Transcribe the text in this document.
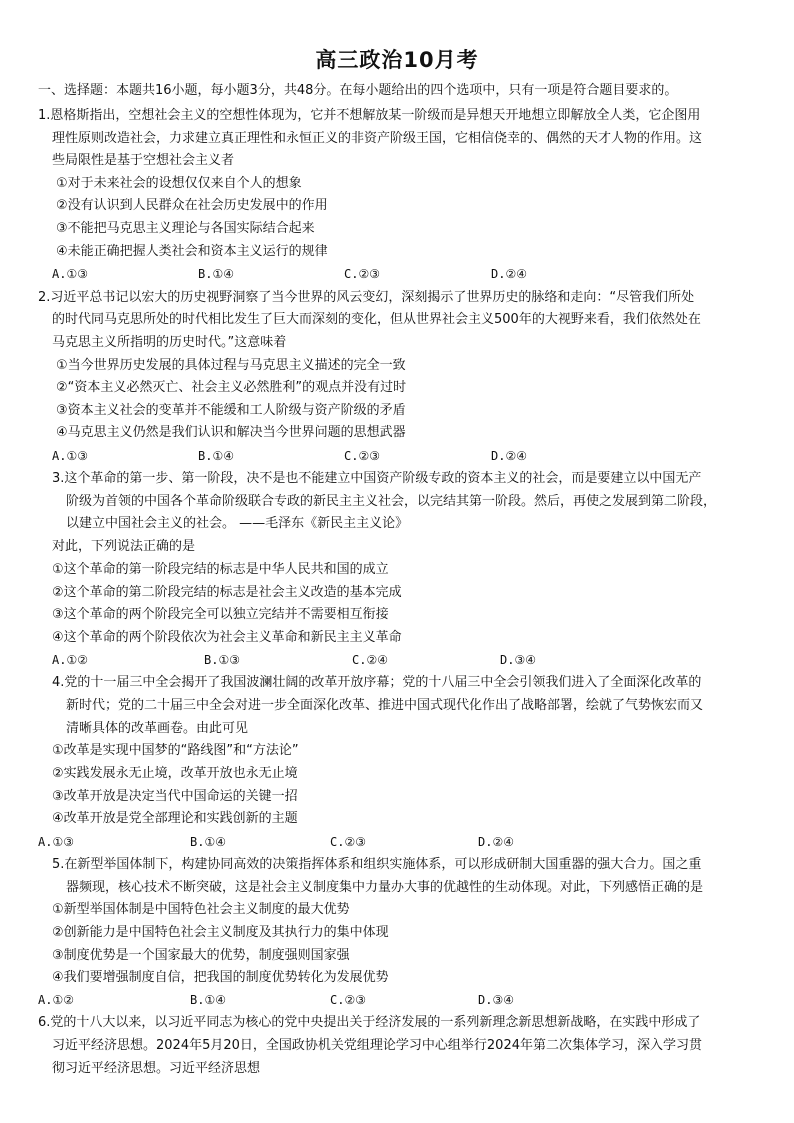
高三政治10月考
一、选择题：本题共16小题，每小题3分，共48分。在每小题给出的四个选项中，只有一项是符合题目要求的。
1.恩格斯指出，空想社会主义的空想性体现为，它并不想解放某一阶级而是异想天开地想立即解放全人类，它企图用
理性原则改造社会，力求建立真正理性和永恒正义的非资产阶级王国，它相信侥幸的、偶然的天才人物的作用。这
些局限性是基于空想社会主义者
①对于未来社会的设想仅仅来自个人的想象
②没有认识到人民群众在社会历史发展中的作用
③不能把马克思主义理论与各国实际结合起来
④未能正确把握人类社会和资本主义运行的规律
A.①③	B.①④	C.②③	D.②④
2.习近平总书记以宏大的历史视野洞察了当今世界的风云变幻，深刻揭示了世界历史的脉络和走向：“尽管我们所处
的时代同马克思所处的时代相比发生了巨大而深刻的变化，但从世界社会主义500年的大视野来看，我们依然处在
马克思主义所指明的历史时代。”这意味着
①当今世界历史发展的具体过程与马克思主义描述的完全一致
②“资本主义必然灭亡、社会主义必然胜利”的观点并没有过时
③资本主义社会的变革并不能缓和工人阶级与资产阶级的矛盾
④马克思主义仍然是我们认识和解决当今世界问题的思想武器
A.①③	B.①④	C.②③	D.②④
3.这个革命的第一步、第一阶段，决不是也不能建立中国资产阶级专政的资本主义的社会，而是要建立以中国无产
阶级为首领的中国各个革命阶级联合专政的新民主主义社会，以完结其第一阶段。然后，再使之发展到第二阶段，
以建立中国社会主义的社会。 ——毛泽东《新民主主义论》
对此，下列说法正确的是
①这个革命的第一阶段完结的标志是中华人民共和国的成立
②这个革命的第二阶段完结的标志是社会主义改造的基本完成
③这个革命的两个阶段完全可以独立完结并不需要相互衔接
④这个革命的两个阶段依次为社会主义革命和新民主主义革命
A.①②	B.①③	C.②④	D.③④
4.党的十一届三中全会揭开了我国波澜壮阔的改革开放序幕；党的十八届三中全会引领我们进入了全面深化改革的
新时代；党的二十届三中全会对进一步全面深化改革、推进中国式现代化作出了战略部署，绘就了气势恢宏而又
清晰具体的改革画卷。由此可见
①改革是实现中国梦的“路线图”和“方法论”
②实践发展永无止境，改革开放也永无止境
③改革开放是决定当代中国命运的关键一招
④改革开放是党全部理论和实践创新的主题
A.①③	B.①④	C.②③	D.②④
5.在新型举国体制下，构建协同高效的决策指挥体系和组织实施体系，可以形成研制大国重器的强大合力。国之重
器频现，核心技术不断突破，这是社会主义制度集中力量办大事的优越性的生动体现。对此，下列感悟正确的是
①新型举国体制是中国特色社会主义制度的最大优势
②创新能力是中国特色社会主义制度及其执行力的集中体现
③制度优势是一个国家最大的优势，制度强则国家强
④我们要增强制度自信，把我国的制度优势转化为发展优势
A.①②	B.①④	C.②③	D.③④
6.党的十八大以来，以习近平同志为核心的党中央提出关于经济发展的一系列新理念新思想新战略，在实践中形成了
习近平经济思想。2024年5月20日，全国政协机关党组理论学习中心组举行2024年第二次集体学习，深入学习贯
彻习近平经济思想。习近平经济思想
